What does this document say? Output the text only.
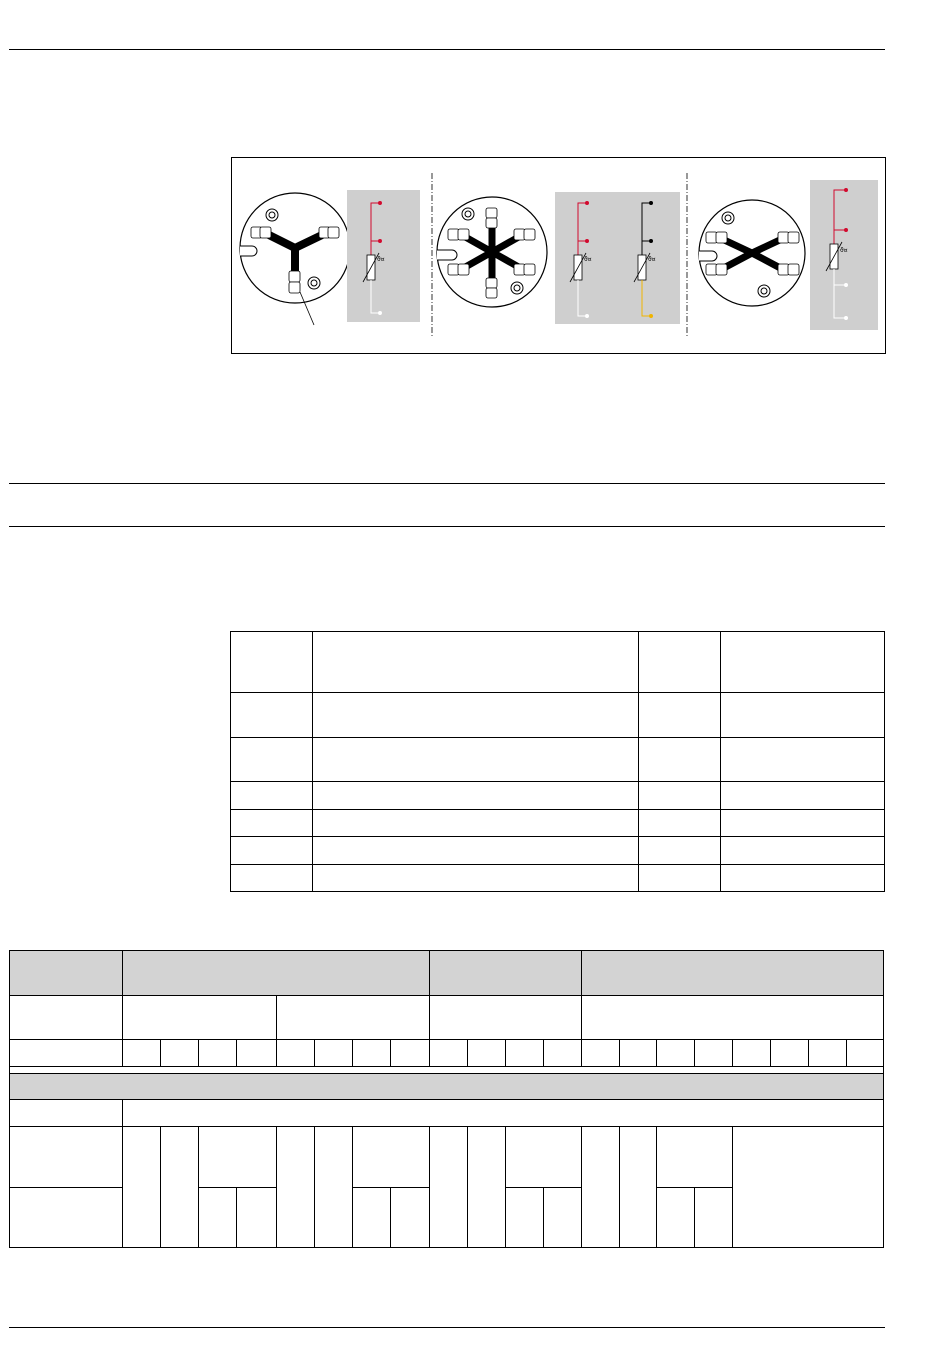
ϑ¤	ϑ¤	ϑ¤
ϑ¤
